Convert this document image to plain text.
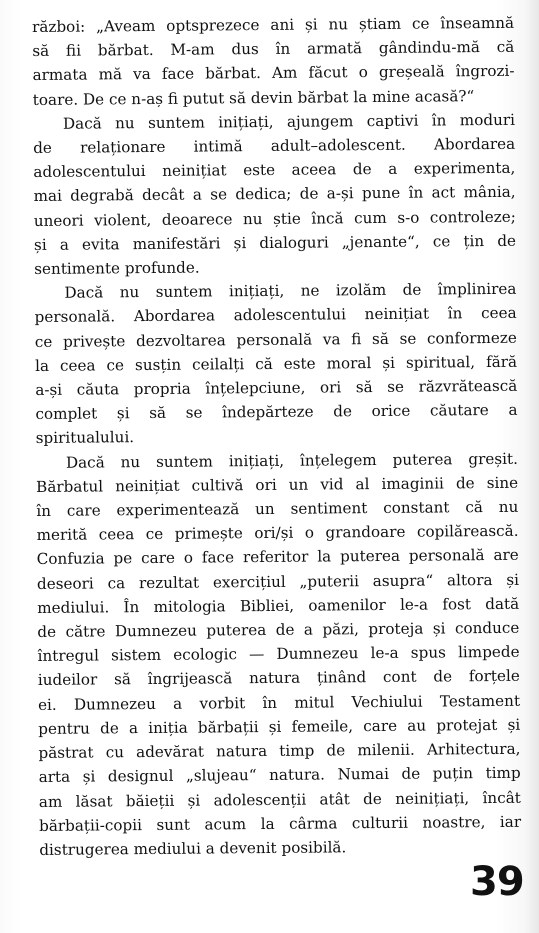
război: „Aveam optsprezece ani și nu știam ce înseamnă
să fii bărbat. M-am dus în armată gândindu-mă că
armata mă va face bărbat. Am făcut o greșeală îngrozi-
toare. De ce n-aș fi putut să devin bărbat la mine acasă?“
Dacă nu suntem inițiați, ajungem captivi în moduri
de relaționare intimă adult–adolescent. Abordarea
adolescentului neinițiat este aceea de a experimenta,
mai degrabă decât a se dedica; de a-și pune în act mânia,
uneori violent, deoarece nu știe încă cum s-o controleze;
și a evita manifestări și dialoguri „jenante“, ce țin de
sentimente profunde.
Dacă nu suntem inițiați, ne izolăm de împlinirea
personală. Abordarea adolescentului neinițiat în ceea
ce privește dezvoltarea personală va fi să se conformeze
la ceea ce susțin ceilalți că este moral și spiritual, fără
a-și căuta propria înțelepciune, ori să se răzvrătească
complet și să se îndepărteze de orice căutare a
spiritualului.
Dacă nu suntem inițiați, înțelegem puterea greșit.
Bărbatul neinițiat cultivă ori un vid al imaginii de sine
în care experimentează un sentiment constant că nu
merită ceea ce primește ori/și o grandoare copilărească.
Confuzia pe care o face referitor la puterea personală are
deseori ca rezultat exercițiul „puterii asupra“ altora și
mediului. În mitologia Bibliei, oamenilor le-a fost dată
de către Dumnezeu puterea de a păzi, proteja și conduce
întregul sistem ecologic — Dumnezeu le-a spus limpede
iudeilor să îngrijească natura ținând cont de forțele
ei. Dumnezeu a vorbit în mitul Vechiului Testament
pentru de a iniția bărbații și femeile, care au protejat și
păstrat cu adevărat natura timp de milenii. Arhitectura,
arta și designul „slujeau“ natura. Numai de puțin timp
am lăsat băieții și adolescenții atât de neinițiați, încât
bărbații-copii sunt acum la cârma culturii noastre, iar
distrugerea mediului a devenit posibilă.
39
